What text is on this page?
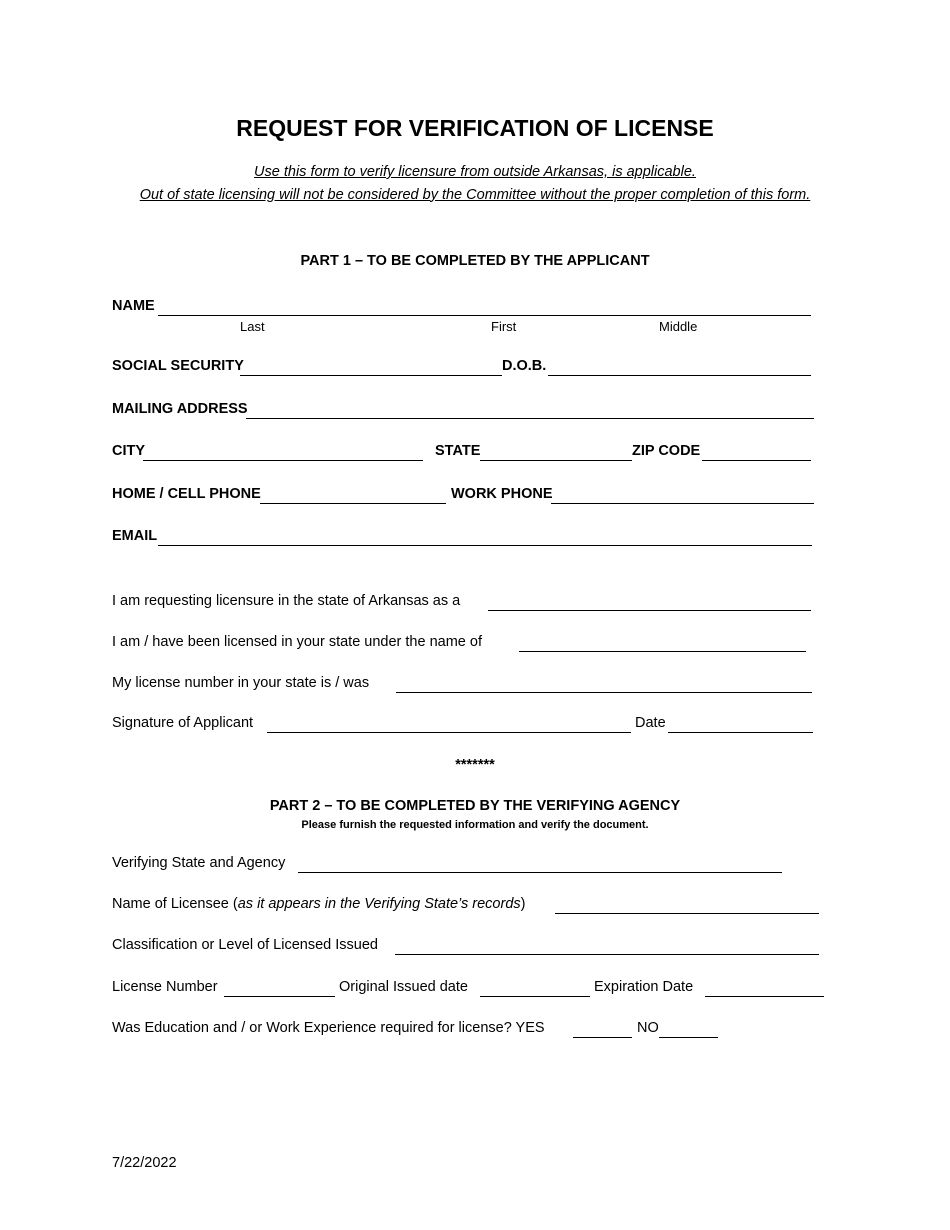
REQUEST FOR VERIFICATION OF LICENSE
Use this form to verify licensure from outside Arkansas, is applicable.
Out of state licensing will not be considered by the Committee without the proper completion of this form.
PART 1 – TO BE COMPLETED BY THE APPLICANT
NAME
Last	First	Middle
SOCIAL SECURITY	D.O.B.
MAILING ADDRESS
CITY	STATE	ZIP CODE
HOME / CELL PHONE	WORK PHONE
EMAIL
I am requesting licensure in the state of Arkansas as a
I am / have been licensed in your state under the name of
My license number in your state is / was
Signature of Applicant	Date
*******
PART 2 – TO BE COMPLETED BY THE VERIFYING AGENCY
Please furnish the requested information and verify the document.
Verifying State and Agency
Name of Licensee (as it appears in the Verifying State’s records)
Classification or Level of Licensed Issued
License Number	Original Issued date	Expiration Date
Was Education and / or Work Experience required for license? YES	NO
7/22/2022
